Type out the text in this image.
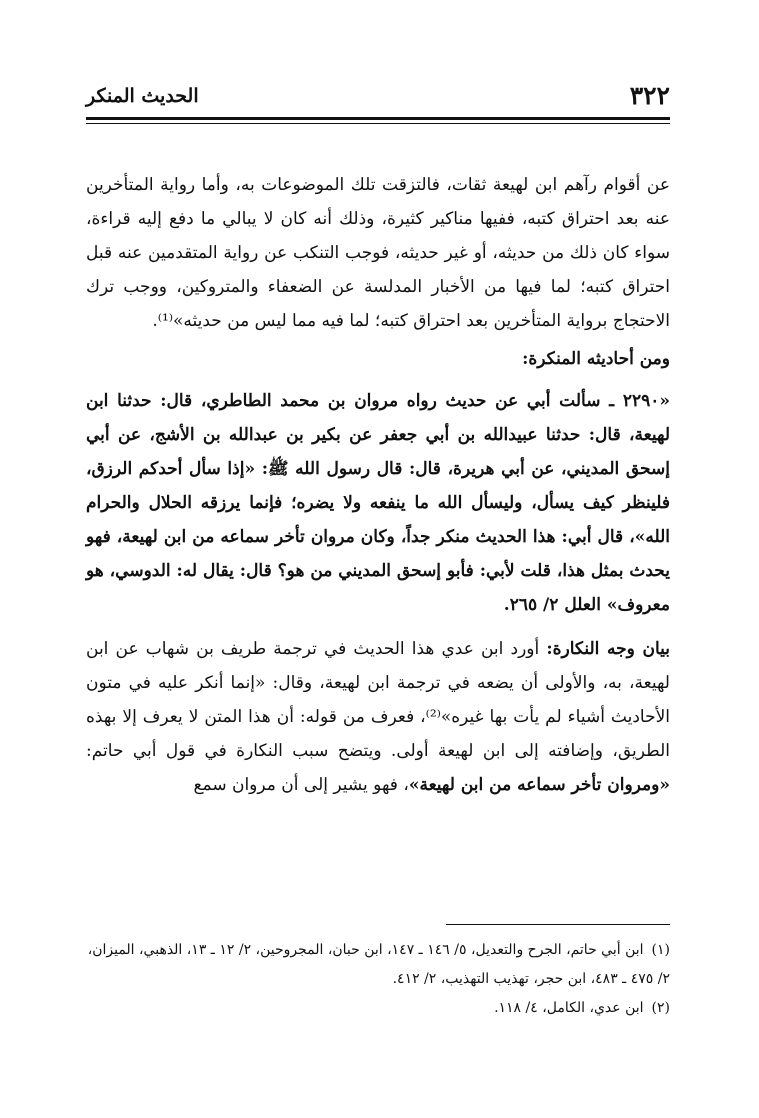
٣٢٢
الحديث المنكر

عن أقوام رآهم ابن لهيعة ثقات، فالتزقت تلك الموضوعات به، وأما رواية المتأخرين عنه بعد احتراق كتبه، ففيها مناكير كثيرة، وذلك أنه كان لا يبالي ما دفع إليه قراءة، سواء كان ذلك من حديثه، أو غير حديثه، فوجب التنكب عن رواية المتقدمين عنه قبل احتراق كتبه؛ لما فيها من الأخبار المدلسة عن الضعفاء والمتروكين، ووجب ترك الاحتجاج برواية المتأخرين بعد احتراق كتبه؛ لما فيه مما ليس من حديثه»⁽¹⁾.

ومن أحاديثه المنكرة:

«٢٢٩٠ ـ سألت أبي عن حديث رواه مروان بن محمد الطاطري، قال: حدثنا ابن لهيعة، قال: حدثنا عبيدالله بن أبي جعفر عن بكير بن عبدالله بن الأشج، عن أبي إسحق المديني، عن أبي هريرة، قال: قال رسول الله ﷺ: «إذا سأل أحدكم الرزق، فلينظر كيف يسأل، وليسأل الله ما ينفعه ولا يضره؛ فإنما يرزقه الحلال والحرام الله»، قال أبي: هذا الحديث منكر جداً، وكان مروان تأخر سماعه من ابن لهيعة، فهو يحدث بمثل هذا، قلت لأبي: فأبو إسحق المديني من هو؟ قال: يقال له: الدوسي، هو معروف» العلل ٢/ ٢٦٥.

بيان وجه النكارة: أورد ابن عدي هذا الحديث في ترجمة طريف بن شهاب عن ابن لهيعة، به، والأولى أن يضعه في ترجمة ابن لهيعة، وقال: «إنما أنكر عليه في متون الأحاديث أشياء لم يأت بها غيره»⁽²⁾، فعرف من قوله: أن هذا المتن لا يعرف إلا بهذه الطريق، وإضافته إلى ابن لهيعة أولى. ويتضح سبب النكارة في قول أبي حاتم: «ومروان تأخر سماعه من ابن لهيعة»، فهو يشير إلى أن مروان سمع

(١)ابن أبي حاتم، الجرح والتعديل، ٥/ ١٤٦ ـ ١٤٧، ابن حبان، المجروحين، ٢/ ١٢ ـ ١٣، الذهبي، الميزان، ٢/ ٤٧٥ ـ ٤٨٣، ابن حجر، تهذيب التهذيب، ٢/ ٤١٢.

(٢)ابن عدي، الكامل، ٤/ ١١٨.
